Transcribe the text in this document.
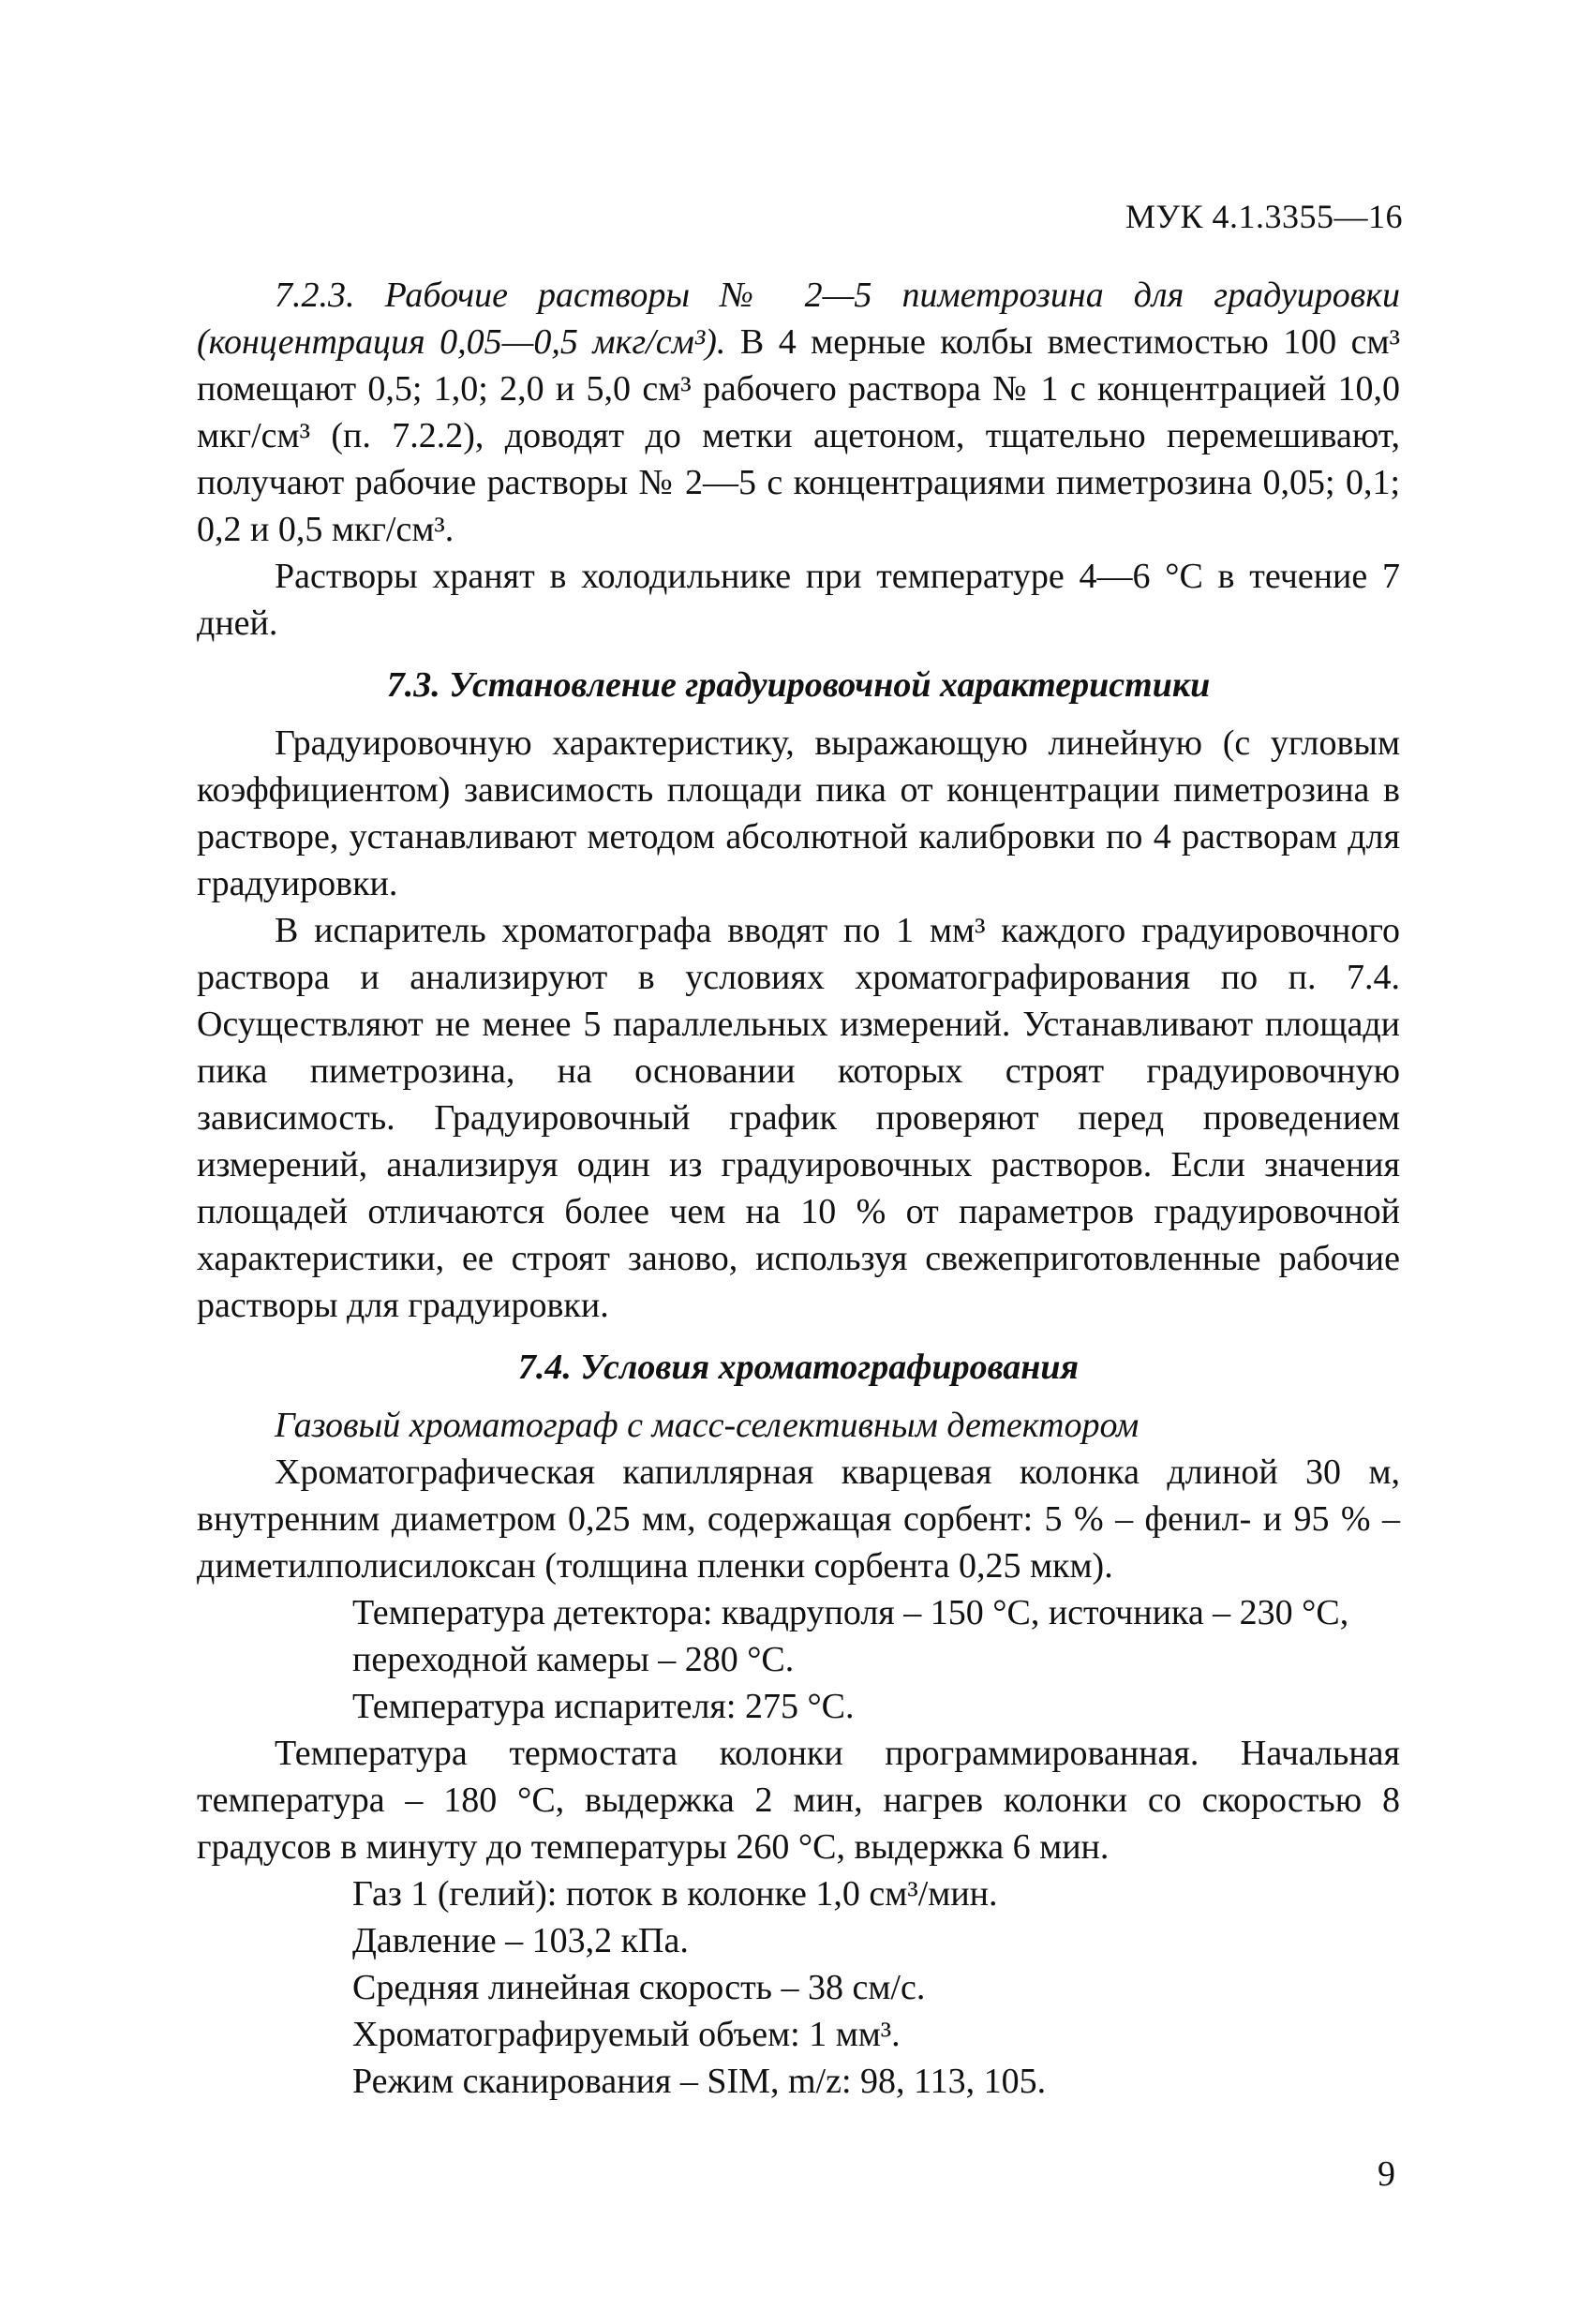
МУК 4.1.3355—16

7.2.3. Рабочие растворы № 2—5 пиметрозина для градуировки (концентрация 0,05—0,5 мкг/см³). В 4 мерные колбы вместимостью 100 см³ помещают 0,5; 1,0; 2,0 и 5,0 см³ рабочего раствора № 1 с концентрацией 10,0 мкг/см³ (п. 7.2.2), доводят до метки ацетоном, тщательно перемешивают, получают рабочие растворы № 2—5 с концентрациями пиметрозина 0,05; 0,1; 0,2 и 0,5 мкг/см³.

Растворы хранят в холодильнике при температуре 4—6 °С в течение 7 дней.

7.3. Установление градуировочной характеристики

Градуировочную характеристику, выражающую линейную (с угловым коэффициентом) зависимость площади пика от концентрации пиметрозина в растворе, устанавливают методом абсолютной калибровки по 4 растворам для градуировки.

В испаритель хроматографа вводят по 1 мм³ каждого градуировочного раствора и анализируют в условиях хроматографирования по п. 7.4. Осуществляют не менее 5 параллельных измерений. Устанавливают площади пика пиметрозина, на основании которых строят градуировочную зависимость. Градуировочный график проверяют перед проведением измерений, анализируя один из градуировочных растворов. Если значения площадей отличаются более чем на 10 % от параметров градуировочной характеристики, ее строят заново, используя свежеприготовленные рабочие растворы для градуировки.

7.4. Условия хроматографирования

Газовый хроматограф с масс-селективным детектором

Хроматографическая капиллярная кварцевая колонка длиной 30 м, внутренним диаметром 0,25 мм, содержащая сорбент: 5 % – фенил- и 95 % – диметилполисилоксан (толщина пленки сорбента 0,25 мкм).

Температура детектора: квадруполя – 150 °С, источника – 230 °С,

переходной камеры – 280 °С.

Температура испарителя: 275 °С.

Температура термостата колонки программированная. Начальная температура – 180 °С, выдержка 2 мин, нагрев колонки со скоростью 8 градусов в минуту до температуры 260 °С, выдержка 6 мин.

Газ 1 (гелий): поток в колонке 1,0 см³/мин.

Давление – 103,2 кПа.

Средняя линейная скорость – 38 см/с.

Хроматографируемый объем: 1 мм³.

Режим сканирования – SIM, m/z: 98, 113, 105.

9
